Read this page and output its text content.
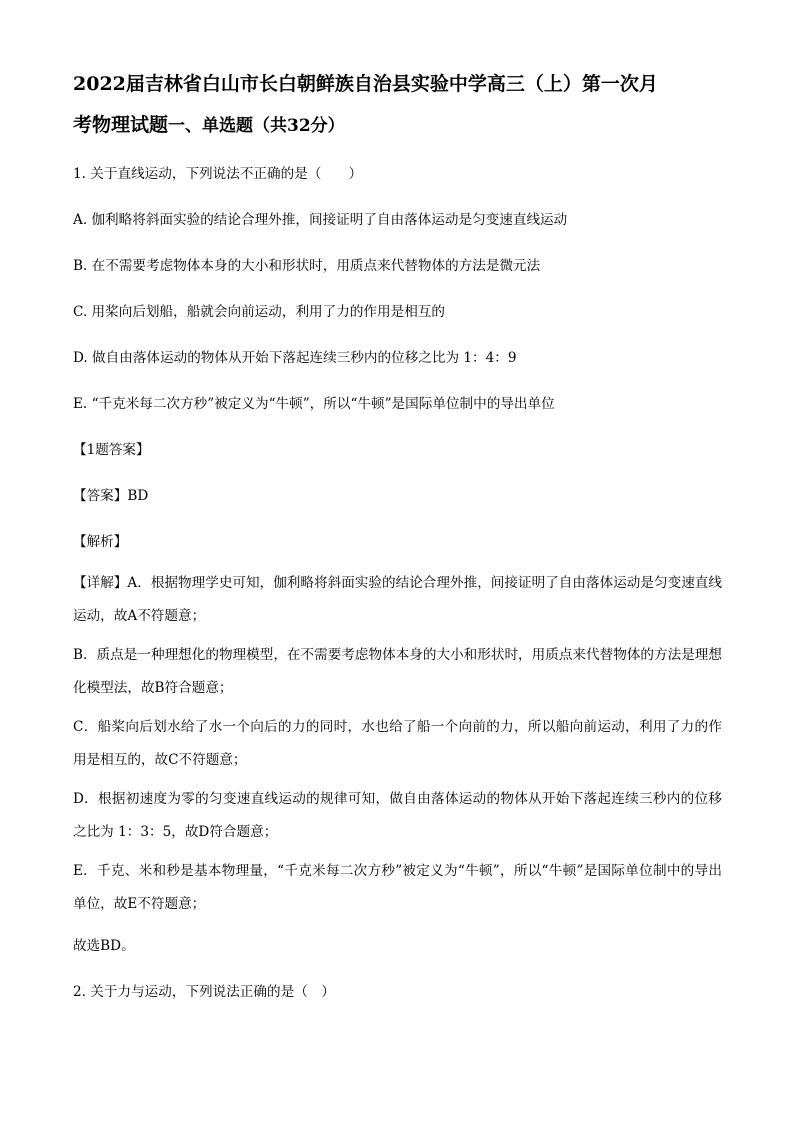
2022届吉林省白山市长白朝鲜族自治县实验中学高三（上）第一次月
考物理试题一、单选题（共32分）

1. 关于直线运动，下列说法不正确的是（　　）

A. 伽利略将斜面实验的结论合理外推，间接证明了自由落体运动是匀变速直线运动

B. 在不需要考虑物体本身的大小和形状时，用质点来代替物体的方法是微元法

C. 用桨向后划船，船就会向前运动，利用了力的作用是相互的

D. 做自由落体运动的物体从开始下落起连续三秒内的位移之比为 1：4：9

E. “千克米每二次方秒”被定义为“牛顿”，所以“牛顿”是国际单位制中的导出单位

【1题答案】

【答案】BD

【解析】

【详解】A．根据物理学史可知，伽利略将斜面实验的结论合理外推，间接证明了自由落体运动是匀变速直线运动，故A不符题意；

B．质点是一种理想化的物理模型，在不需要考虑物体本身的大小和形状时，用质点来代替物体的方法是理想化模型法，故B符合题意；

C．船桨向后划水给了水一个向后的力的同时，水也给了船一个向前的力，所以船向前运动，利用了力的作用是相互的，故C不符题意；

D．根据初速度为零的匀变速直线运动的规律可知，做自由落体运动的物体从开始下落起连续三秒内的位移之比为 1：3：5，故D符合题意；

E．千克、米和秒是基本物理量，“千克米每二次方秒”被定义为“牛顿”，所以“牛顿”是国际单位制中的导出单位，故E不符题意；

故选BD。

2. 关于力与运动，下列说法正确的是（　）
